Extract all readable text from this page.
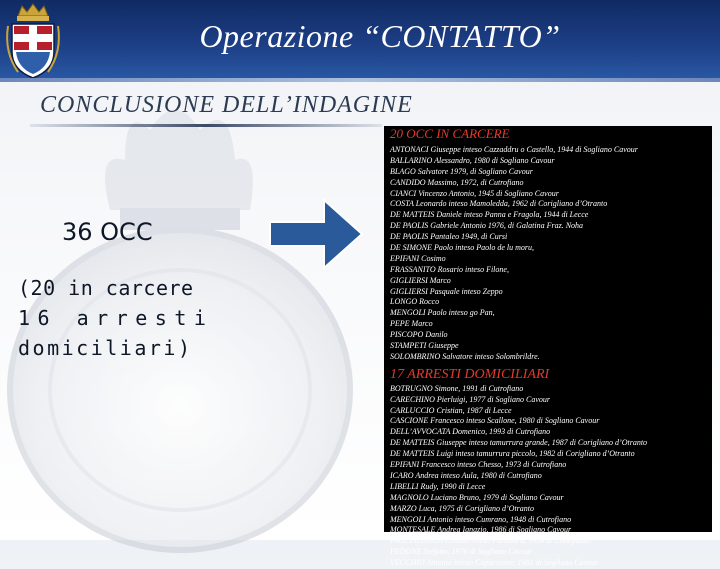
Operazione “CONTATTO”
CONCLUSIONE DELL’INDAGINE
36 OCC
(20 in carcere
16 arresti
domiciliari)
20 OCC IN CARCERE
ANTONACI Giuseppe inteso Cazzaddru o Castello, 1944 di Sogliano Cavour
BALLARINO Alessandro, 1980 di Sogliano Cavour
BLAGO Salvatore 1979, di Sogliano Cavour
CANDIDO Massimo, 1972, di Cutrofiano
CIANCI Vincenzo Antonio, 1945 di Sogliano Cavour
COSTA Leonardo inteso Mamoledda, 1962 di Corigliano d’Otranto
DE MATTEIS Daniele inteso Panna e Fragola, 1944 di Lecce
DE PAOLIS Gabriele Antonio 1976, di Galatina Fraz. Noha
DE PAOLIS Pantaleo 1949, di Cursi
DE SIMONE Paolo inteso Paolo de lu moru,
EPIFANI Cosimo
FRASSANITO Rosario inteso Filone,
GIGLIERSI Marco
GIGLIERSI Pasquale inteso Zeppo
LONGO Rocco
MENGOLI Paolo inteso go Pan,
PEPE Marco
PISCOPO Danilo
STAMPETI Giuseppe
SOLOMBRINO Salvatore inteso Solombrildre.
17 ARRESTI DOMICILIARI
BOTRUGNO Simone, 1991 di Cutrofiano
CARECHINO Pierluigi, 1977 di Sogliano Cavour
CARLUCCIO Cristian, 1987 di Lecce
CASCIONE Francesco inteso Scallone, 1980 di Sogliano Cavour
DELL’AVVOCATA Domenico, 1993 di Cutrofiano
DE MATTEIS Giuseppe inteso tamurrura grande, 1987 di Corigliano d’Otranto
DE MATTEIS Luigi inteso tamurrura piccolo, 1982 di Corigliano d’Otranto
EPIFANI Francesco inteso Chesso, 1973 di Cutrofiano
ICARO Andrea inteso Aula, 1980 di Cutrofiano
LIBELLI Rudy, 1990 di Lecce
MAGNOLO Luciano Bruno, 1979 di Sogliano Cavour
MARZO Luca, 1975 di Corigliano d’Otranto
MENGOLI Antonio inteso Cumrano, 1948 di Cutrofiano
MONTESALE Andrea Ignazio, 1986 di Sogliano Cavour
PAGLIALONGA Cosimo inteso Palumaru, 1954 di Collepasso
PEDONE Stefano, 1976 di Sogliano Cavour
VECCHIO Antonio inteso Capocotone, 1981 di Sogliano Cavour
